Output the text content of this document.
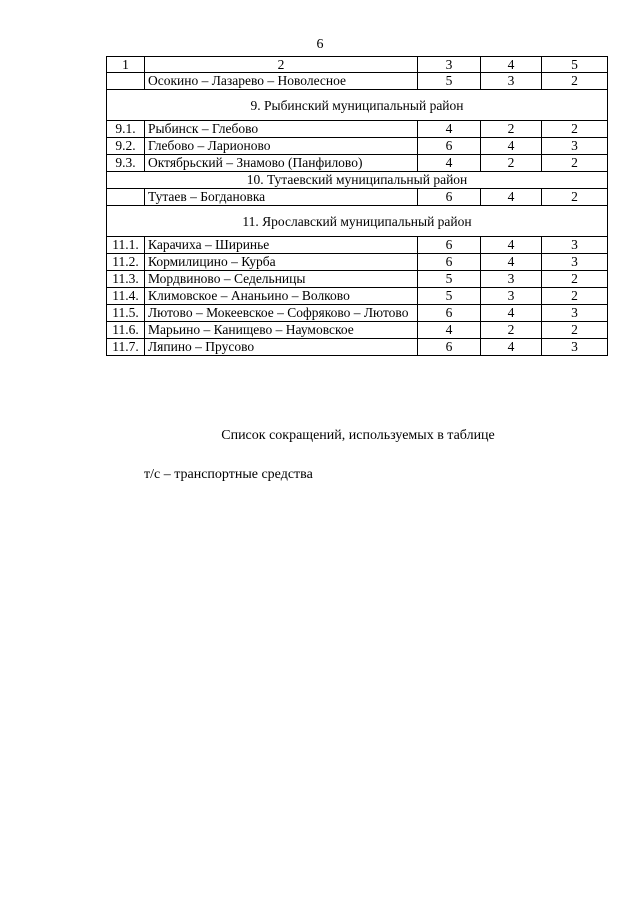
6
1	2	3	4	5
	Осокино – Лазарево – Новолесное	5	3	2
9. Рыбинский муниципальный район				
9.1.	Рыбинск – Глебово	4	2	2
9.2.	Глебово – Ларионово	6	4	3
9.3.	Октябрьский – Знамово (Панфилово)	4	2	2
10. Тутаевский муниципальный район				
	Тутаев – Богдановка	6	4	2
11. Ярославский муниципальный район				
11.1.	Карачиха – Ширинье	6	4	3
11.2.	Кормилицино – Курба	6	4	3
11.3.	Мордвиново – Седельницы	5	3	2
11.4.	Климовское – Ананьино – Волково	5	3	2
11.5.	Лютово – Мокеевское – Софряково – Лютово	6	4	3
11.6.	Марьино – Канищево – Наумовское	4	2	2
11.7.	Ляпино – Прусово	6	4	3
Список сокращений, используемых в таблице
т/с – транспортные средства
